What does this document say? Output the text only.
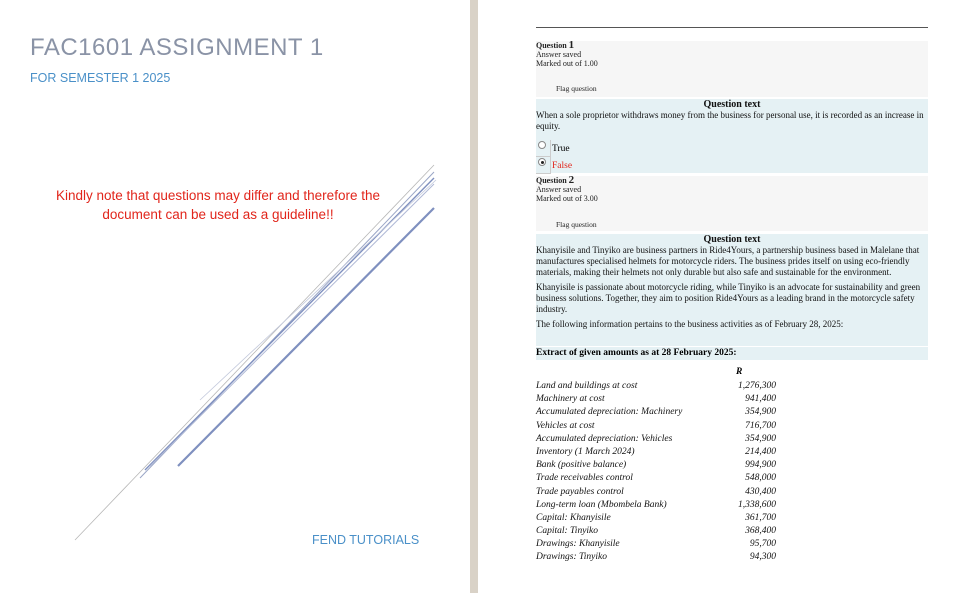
FAC1601 ASSIGNMENT 1
FOR SEMESTER 1 2025
Kindly note that questions may differ and therefore the document can be used as a guideline!!
FEND TUTORIALS
Question 1
Answer saved
Marked out of 1.00
Flag question
Question text

When a sole proprietor withdraws money from the business for personal use, it is recorded as an increase in equity.

True
False
Question 2
Answer saved
Marked out of 3.00
Flag question
Question text

Khanyisile and Tinyiko are business partners in Ride4Yours, a partnership business based in Malelane that manufactures specialised helmets for motorcycle riders. The business prides itself on using eco-friendly materials, making their helmets not only durable but also safe and sustainable for the environment.

Khanyisile is passionate about motorcycle riding, while Tinyiko is an advocate for sustainability and green business solutions. Together, they aim to position Ride4Yours as a leading brand in the motorcycle safety industry.

The following information pertains to the business activities as of February 28, 2025:

Extract of given amounts as at 28 February 2025:
R
Land and buildings at cost	1,276,300
Machinery at cost	941,400
Accumulated depreciation: Machinery	354,900
Vehicles at cost	716,700
Accumulated depreciation: Vehicles	354,900
Inventory (1 March 2024)	214,400
Bank (positive balance)	994,900
Trade receivables control	548,000
Trade payables control	430,400
Long-term loan (Mbombela Bank)	1,338,600
Capital: Khanyisile	361,700
Capital: Tinyiko	368,400
Drawings: Khanyisile	95,700
Drawings: Tinyiko	94,300
